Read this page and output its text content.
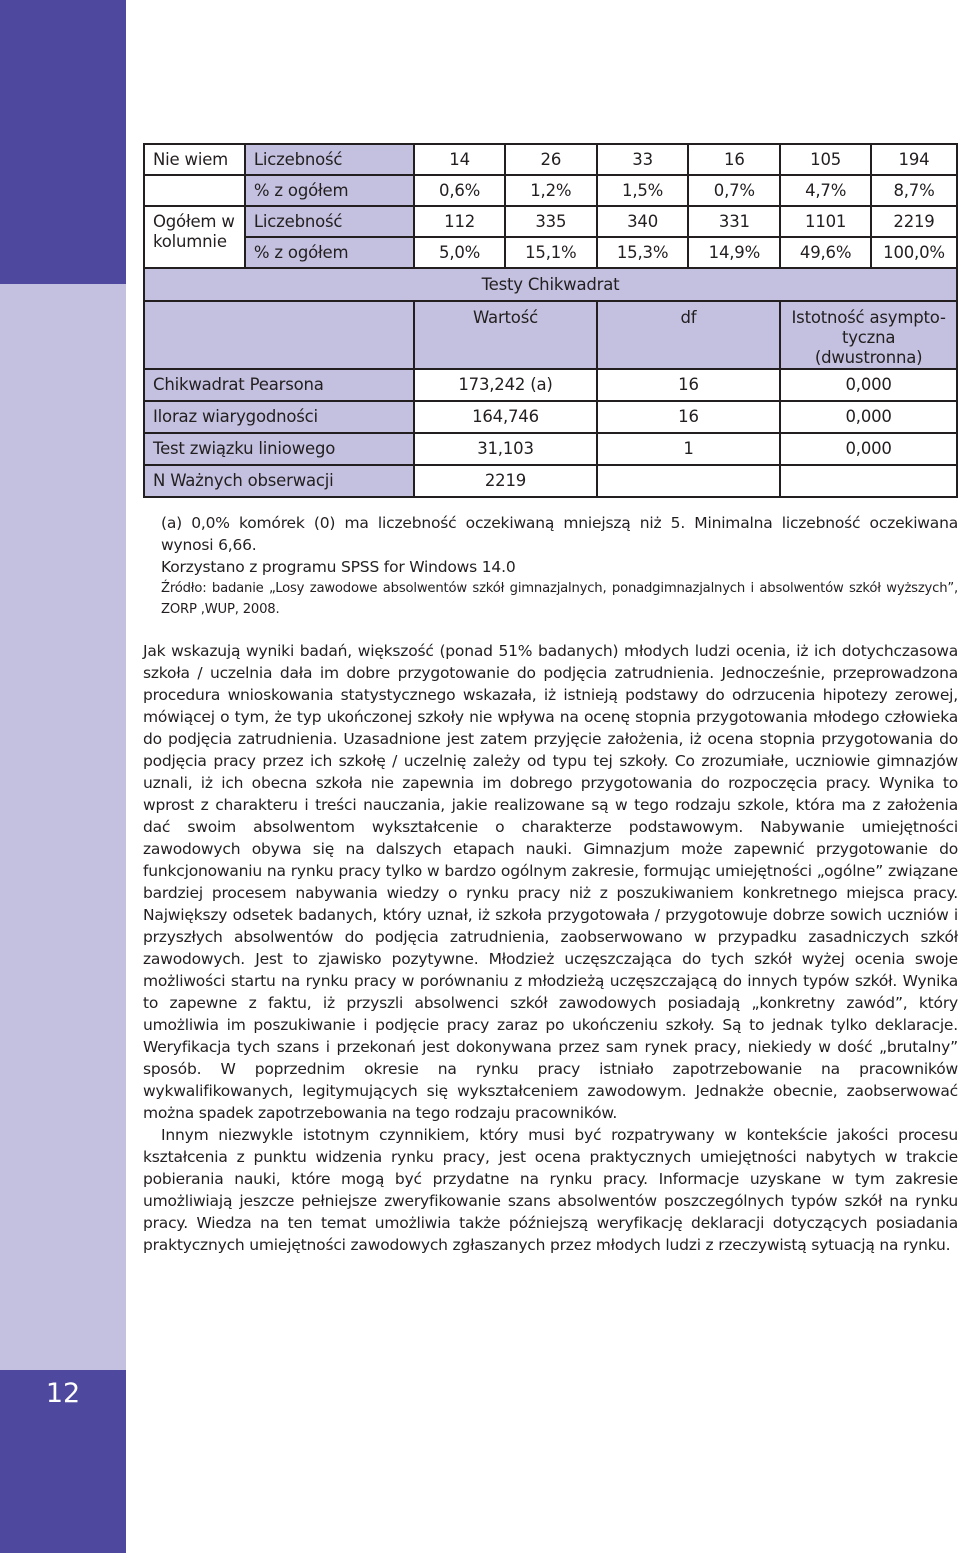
12
Nie wiem	Liczebność	14	26	33	16	105	194
	% z ogółem	0,6%	1,2%	1,5%	0,7%	4,7%	8,7%
Ogółem w kolumnie	Liczebność	112	335	340	331	1101	2219
	% z ogółem	5,0%	15,1%	15,3%	14,9%	49,6%	100,0%
Testy Chikwadrat							
		Wartość		df		Istotność asympto-
tyczna (dwustronna)	
Chikwadrat Pearsona		173,242 (a)		16		0,000	
Iloraz wiarygodności		164,746		16		0,000	
Test związku liniowego		31,103		1		0,000	
N Ważnych obserwacji		2219					

(a) 0,0% komórek (0) ma liczebność oczekiwaną mniejszą niż 5. Minimalna liczebność oczekiwana wynosi 6,66.

Korzystano z programu SPSS for Windows 14.0

Źródło: badanie „Losy zawodowe absolwentów szkół gimnazjalnych, ponadgimnazjalnych i absolwentów szkół wyższych”, ZORP ,WUP, 2008.

Jak wskazują wyniki badań, większość (ponad 51% badanych) młodych ludzi ocenia, iż ich dotychczasowa szkoła / uczelnia dała im dobre przygotowanie do podjęcia zatrudnienia. Jednocześnie, przeprowadzona procedura wnioskowania statystycznego wskazała, iż istnieją podstawy do odrzucenia hipotezy zerowej, mówiącej o tym, że typ ukończonej szkoły nie wpływa na ocenę stopnia przygotowania młodego człowieka do podjęcia zatrudnienia. Uzasadnione jest zatem przyjęcie założenia, iż ocena stopnia przygotowania do podjęcia pracy przez ich szkołę / uczelnię zależy od typu tej szkoły. Co zrozumiałe, uczniowie gimnazjów uznali, iż ich obecna szkoła nie zapewnia im dobrego przygotowania do rozpoczęcia pracy. Wynika to wprost z charakteru i treści nauczania, jakie realizowane są w tego rodzaju szkole, która ma z założenia dać swoim absolwentom wykształcenie o charakterze podstawowym. Nabywanie umiejętności zawodowych obywa się na dalszych etapach nauki. Gimnazjum może zapewnić przygotowanie do funkcjonowaniu na rynku pracy tylko w bardzo ogólnym zakresie, formując umiejętności „ogólne” związane bardziej procesem nabywania wiedzy o rynku pracy niż z poszukiwaniem konkretnego miejsca pracy. Największy odsetek badanych, który uznał, iż szkoła przygotowała / przygotowuje dobrze sowich uczniów i przyszłych absolwentów do podjęcia zatrudnienia, zaobserwowano w przypadku zasadniczych szkół zawodowych. Jest to zjawisko pozytywne. Młodzież uczęszczająca do tych szkół wyżej ocenia swoje możliwości startu na rynku pracy w porównaniu z młodzieżą uczęszczającą do innych typów szkół. Wynika to zapewne z faktu, iż przyszli absolwenci szkół zawodowych posiadają „konkretny zawód”, który umożliwia im poszukiwanie i podjęcie pracy zaraz po ukończeniu szkoły. Są to jednak tylko deklaracje. Weryfikacja tych szans i przekonań jest dokonywana przez sam rynek pracy, niekiedy w dość „brutalny” sposób. W poprzednim okresie na rynku pracy istniało zapotrzebowanie na pracowników wykwalifikowanych, legitymujących się wykształceniem zawodowym. Jednakże obecnie, zaobserwować można spadek zapotrzebowania na tego rodzaju pracowników.

Innym niezwykle istotnym czynnikiem, który musi być rozpatrywany w kontekście jakości procesu kształcenia z punktu widzenia rynku pracy, jest ocena praktycznych umiejętności nabytych w trakcie pobierania nauki, które mogą być przydatne na rynku pracy. Informacje uzyskane w tym zakresie umożliwiają jeszcze pełniejsze zweryfikowanie szans absolwentów poszczególnych typów szkół na rynku pracy. Wiedza na ten temat umożliwia także późniejszą weryfikację deklaracji dotyczących posiadania praktycznych umiejętności zawodowych zgłaszanych przez młodych ludzi z rzeczywistą sytuacją na rynku.
